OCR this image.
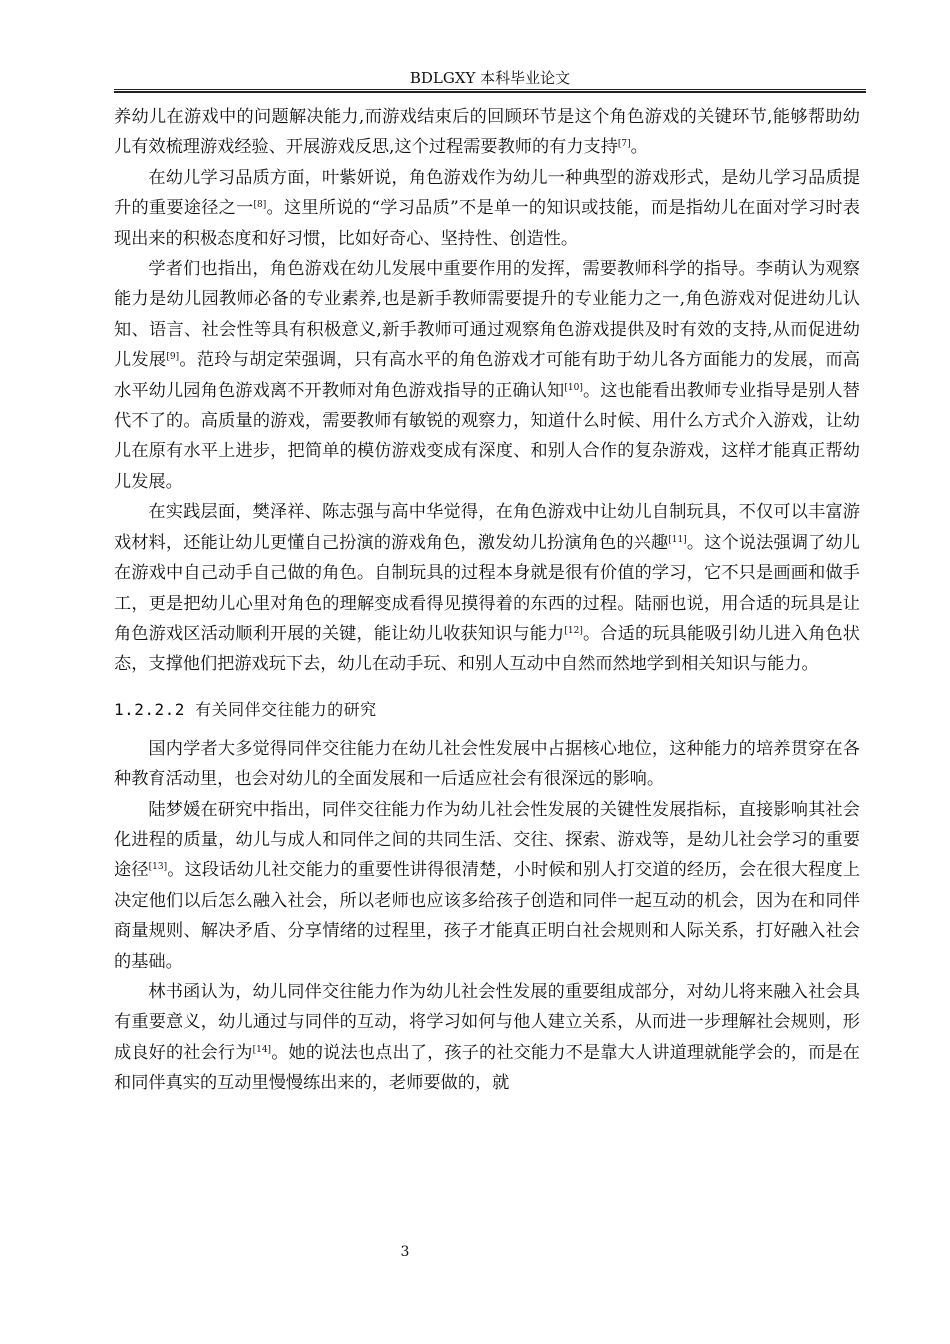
BDLGXY 本科毕业论文

养幼儿在游戏中的问题解决能力,而游戏结束后的回顾环节是这个角色游戏的关键环节,能够帮助幼儿有效梳理游戏经验、开展游戏反思,这个过程需要教师的有力支持[7]。

在幼儿学习品质方面，叶紫妍说，角色游戏作为幼儿一种典型的游戏形式，是幼儿学习品质提升的重要途径之一[8]。这里所说的“学习品质”不是单一的知识或技能，而是指幼儿在面对学习时表现出来的积极态度和好习惯，比如好奇心、坚持性、创造性。

学者们也指出，角色游戏在幼儿发展中重要作用的发挥，需要教师科学的指导。李萌认为观察能力是幼儿园教师必备的专业素养,也是新手教师需要提升的专业能力之一,角色游戏对促进幼儿认知、语言、社会性等具有积极意义,新手教师可通过观察角色游戏提供及时有效的支持,从而促进幼儿发展[9]。范玲与胡定荣强调，只有高水平的角色游戏才可能有助于幼儿各方面能力的发展，而高水平幼儿园角色游戏离不开教师对角色游戏指导的正确认知[10]。这也能看出教师专业指导是别人替代不了的。高质量的游戏，需要教师有敏锐的观察力，知道什么时候、用什么方式介入游戏，让幼儿在原有水平上进步，把简单的模仿游戏变成有深度、和别人合作的复杂游戏，这样才能真正帮幼儿发展。

在实践层面，樊泽祥、陈志强与高中华觉得，在角色游戏中让幼儿自制玩具，不仅可以丰富游戏材料，还能让幼儿更懂自己扮演的游戏角色，激发幼儿扮演角色的兴趣[11]。这个说法强调了幼儿在游戏中自己动手自己做的角色。自制玩具的过程本身就是很有价值的学习，它不只是画画和做手工，更是把幼儿心里对角色的理解变成看得见摸得着的东西的过程。陆丽也说，用合适的玩具是让角色游戏区活动顺利开展的关键，能让幼儿收获知识与能力[12]。合适的玩具能吸引幼儿进入角色状态，支撑他们把游戏玩下去，幼儿在动手玩、和别人互动中自然而然地学到相关知识与能力。

1.2.2.2 有关同伴交往能力的研究

国内学者大多觉得同伴交往能力在幼儿社会性发展中占据核心地位，这种能力的培养贯穿在各种教育活动里，也会对幼儿的全面发展和一后适应社会有很深远的影响。

陆梦媛在研究中指出，同伴交往能力作为幼儿社会性发展的关键性发展指标，直接影响其社会化进程的质量，幼儿与成人和同伴之间的共同生活、交往、探索、游戏等，是幼儿社会学习的重要途径[13]。这段话幼儿社交能力的重要性讲得很清楚，小时候和别人打交道的经历，会在很大程度上决定他们以后怎么融入社会，所以老师也应该多给孩子创造和同伴一起互动的机会，因为在和同伴商量规则、解决矛盾、分享情绪的过程里，孩子才能真正明白社会规则和人际关系，打好融入社会的基础。

林书函认为，幼儿同伴交往能力作为幼儿社会性发展的重要组成部分，对幼儿将来融入社会具有重要意义，幼儿通过与同伴的互动，将学习如何与他人建立关系，从而进一步理解社会规则，形成良好的社会行为[14]。她的说法也点出了，孩子的社交能力不是靠大人讲道理就能学会的，而是在和同伴真实的互动里慢慢练出来的，老师要做的，就

3
